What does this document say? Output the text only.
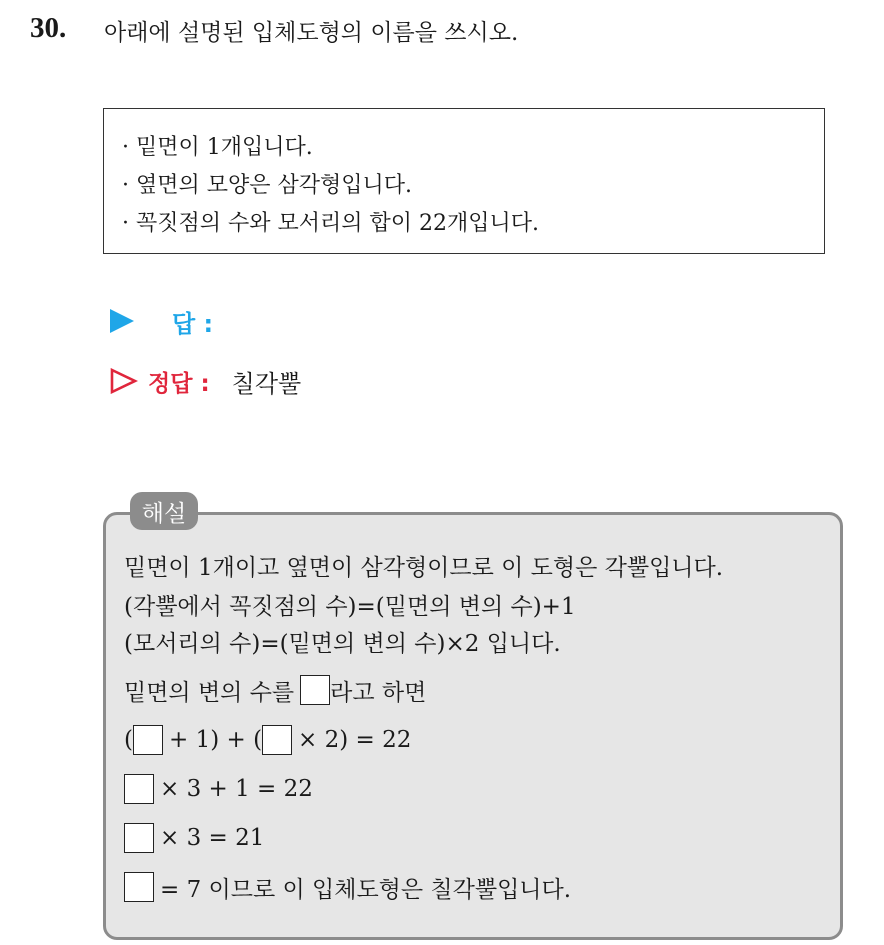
30. 아래에 설명된 입체도형의 이름을 쓰시오.
· 밑면이 1개입니다.
· 옆면의 모양은 삼각형입니다.
· 꼭짓점의 수와 모서리의 합이 22개입니다.
답 :
정답 : 칠각뿔
해설
밑면이 1개이고 옆면이 삼각형이므로 이 도형은 각뿔입니다.
(각뿔에서 꼭짓점의 수)=(밑면의 변의 수)+1
(모서리의 수)=(밑면의 변의 수)×2 입니다.
밑면의 변의 수를 라고 하면
( + 1) + ( × 2) = 22
× 3 + 1 = 22
× 3 = 21
= 7 이므로 이 입체도형은 칠각뿔입니다.
